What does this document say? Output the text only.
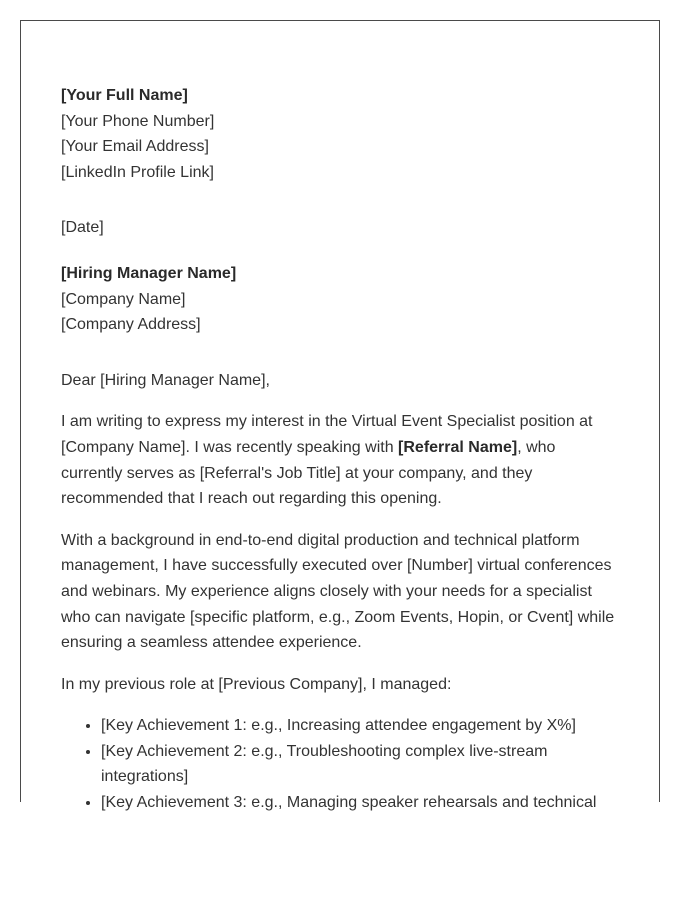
[Your Full Name]
[Your Phone Number]
[Your Email Address]
[LinkedIn Profile Link]
[Date]
[Hiring Manager Name]
[Company Name]
[Company Address]

Dear [Hiring Manager Name],

I am writing to express my interest in the Virtual Event Specialist position at [Company Name]. I was recently speaking with [Referral Name], who currently serves as [Referral's Job Title] at your company, and they recommended that I reach out regarding this opening.

With a background in end-to-end digital production and technical platform management, I have successfully executed over [Number] virtual conferences and webinars. My experience aligns closely with your needs for a specialist who can navigate [specific platform, e.g., Zoom Events, Hopin, or Cvent] while ensuring a seamless attendee experience.

In my previous role at [Previous Company], I managed:

• [Key Achievement 1: e.g., Increasing attendee engagement by X%]
• [Key Achievement 2: e.g., Troubleshooting complex live-stream integrations]
• [Key Achievement 3: e.g., Managing speaker rehearsals and technical
